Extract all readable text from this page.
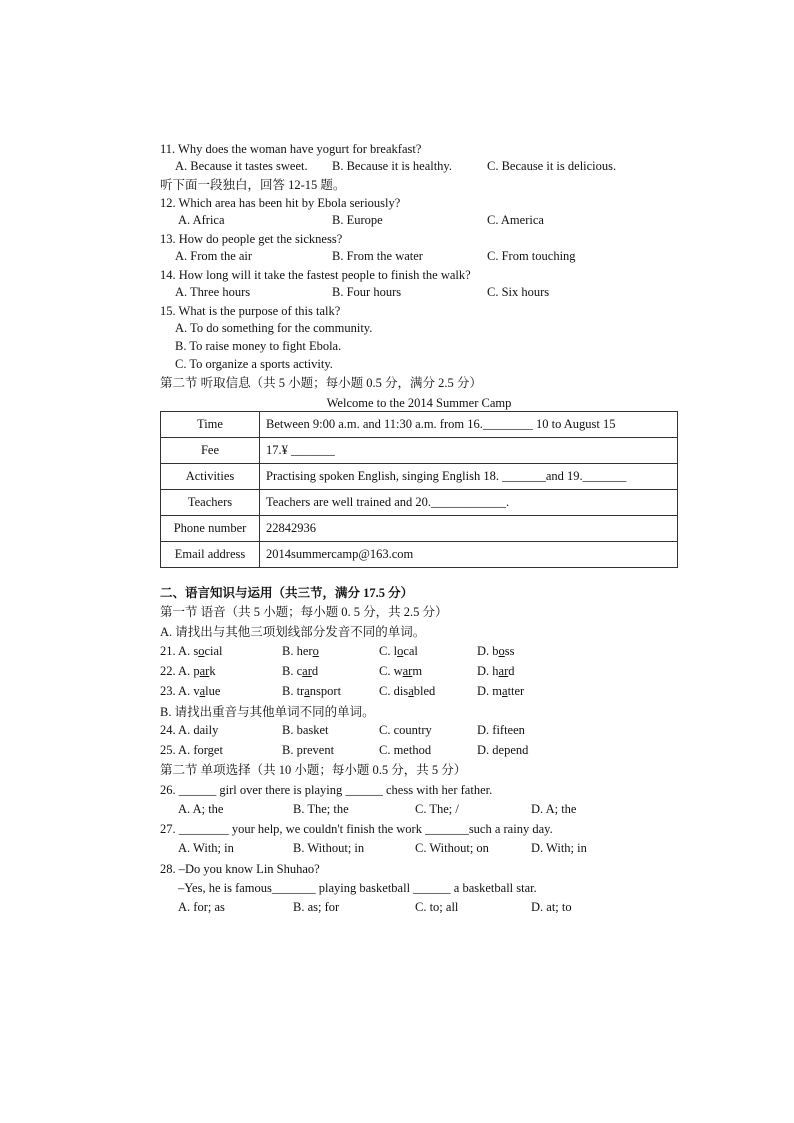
11. Why does the woman have yogurt for breakfast?
A. Because it tastes sweet. B. Because it is healthy.	C. Because it is delicious.
听下面一段独白，回答 12-15 题。
12. Which area has been hit by Ebola seriously?
A. Africa	B. Europe	C. America
13. How do people get the sickness?
A. From the air	B. From the water	C. From touching
14. How long will it take the fastest people to finish the walk?
A. Three hours	B. Four hours	C. Six hours
15. What is the purpose of this talk?
A. To do something for the community.
B. To raise money to fight Ebola.
C. To organize a sports activity.
第二节 听取信息（共 5 小题；每小题 0.5 分，满分 2.5 分）
Welcome to the 2014 Summer Camp
Time	Between 9:00 a.m. and 11:30 a.m. from 16.________ 10 to August 15
Fee	17.¥ _______
Activities	Practising spoken English, singing English 18. _______and 19._______
Teachers	Teachers are well trained and 20.____________.
Phone number	22842936
Email address	2014summercamp@163.com
二、语言知识与运用（共三节，满分 17.5 分）
第一节 语音（共 5 小题；每小题 0. 5 分，共 2.5 分）
A. 请找出与其他三项划线部分发音不同的单词。
21. A. social	B. hero	C. local	D. boss
22. A. park	B. card	C. warm	D. hard
23. A. value	B. transport	C. disabled	D. matter
B. 请找出重音与其他单词不同的单词。
24. A. daily	B. basket	C. country	D. fifteen
25. A. forget	B. prevent	C. method	D. depend
第二节 单项选择（共 10 小题；每小题 0.5 分，共 5 分）
26. ______ girl over there is playing ______ chess with her father.
A. A; the	B. The; the	C. The; /	D. A; the
27. ________ your help, we couldn't finish the work _______such a rainy day.
A. With; in	B. Without; in	C. Without; on	D. With; in
28. –Do you know Lin Shuhao?
–Yes, he is famous_______ playing basketball ______ a basketball star.
A. for; as	B. as; for	C. to; all	D. at; to
